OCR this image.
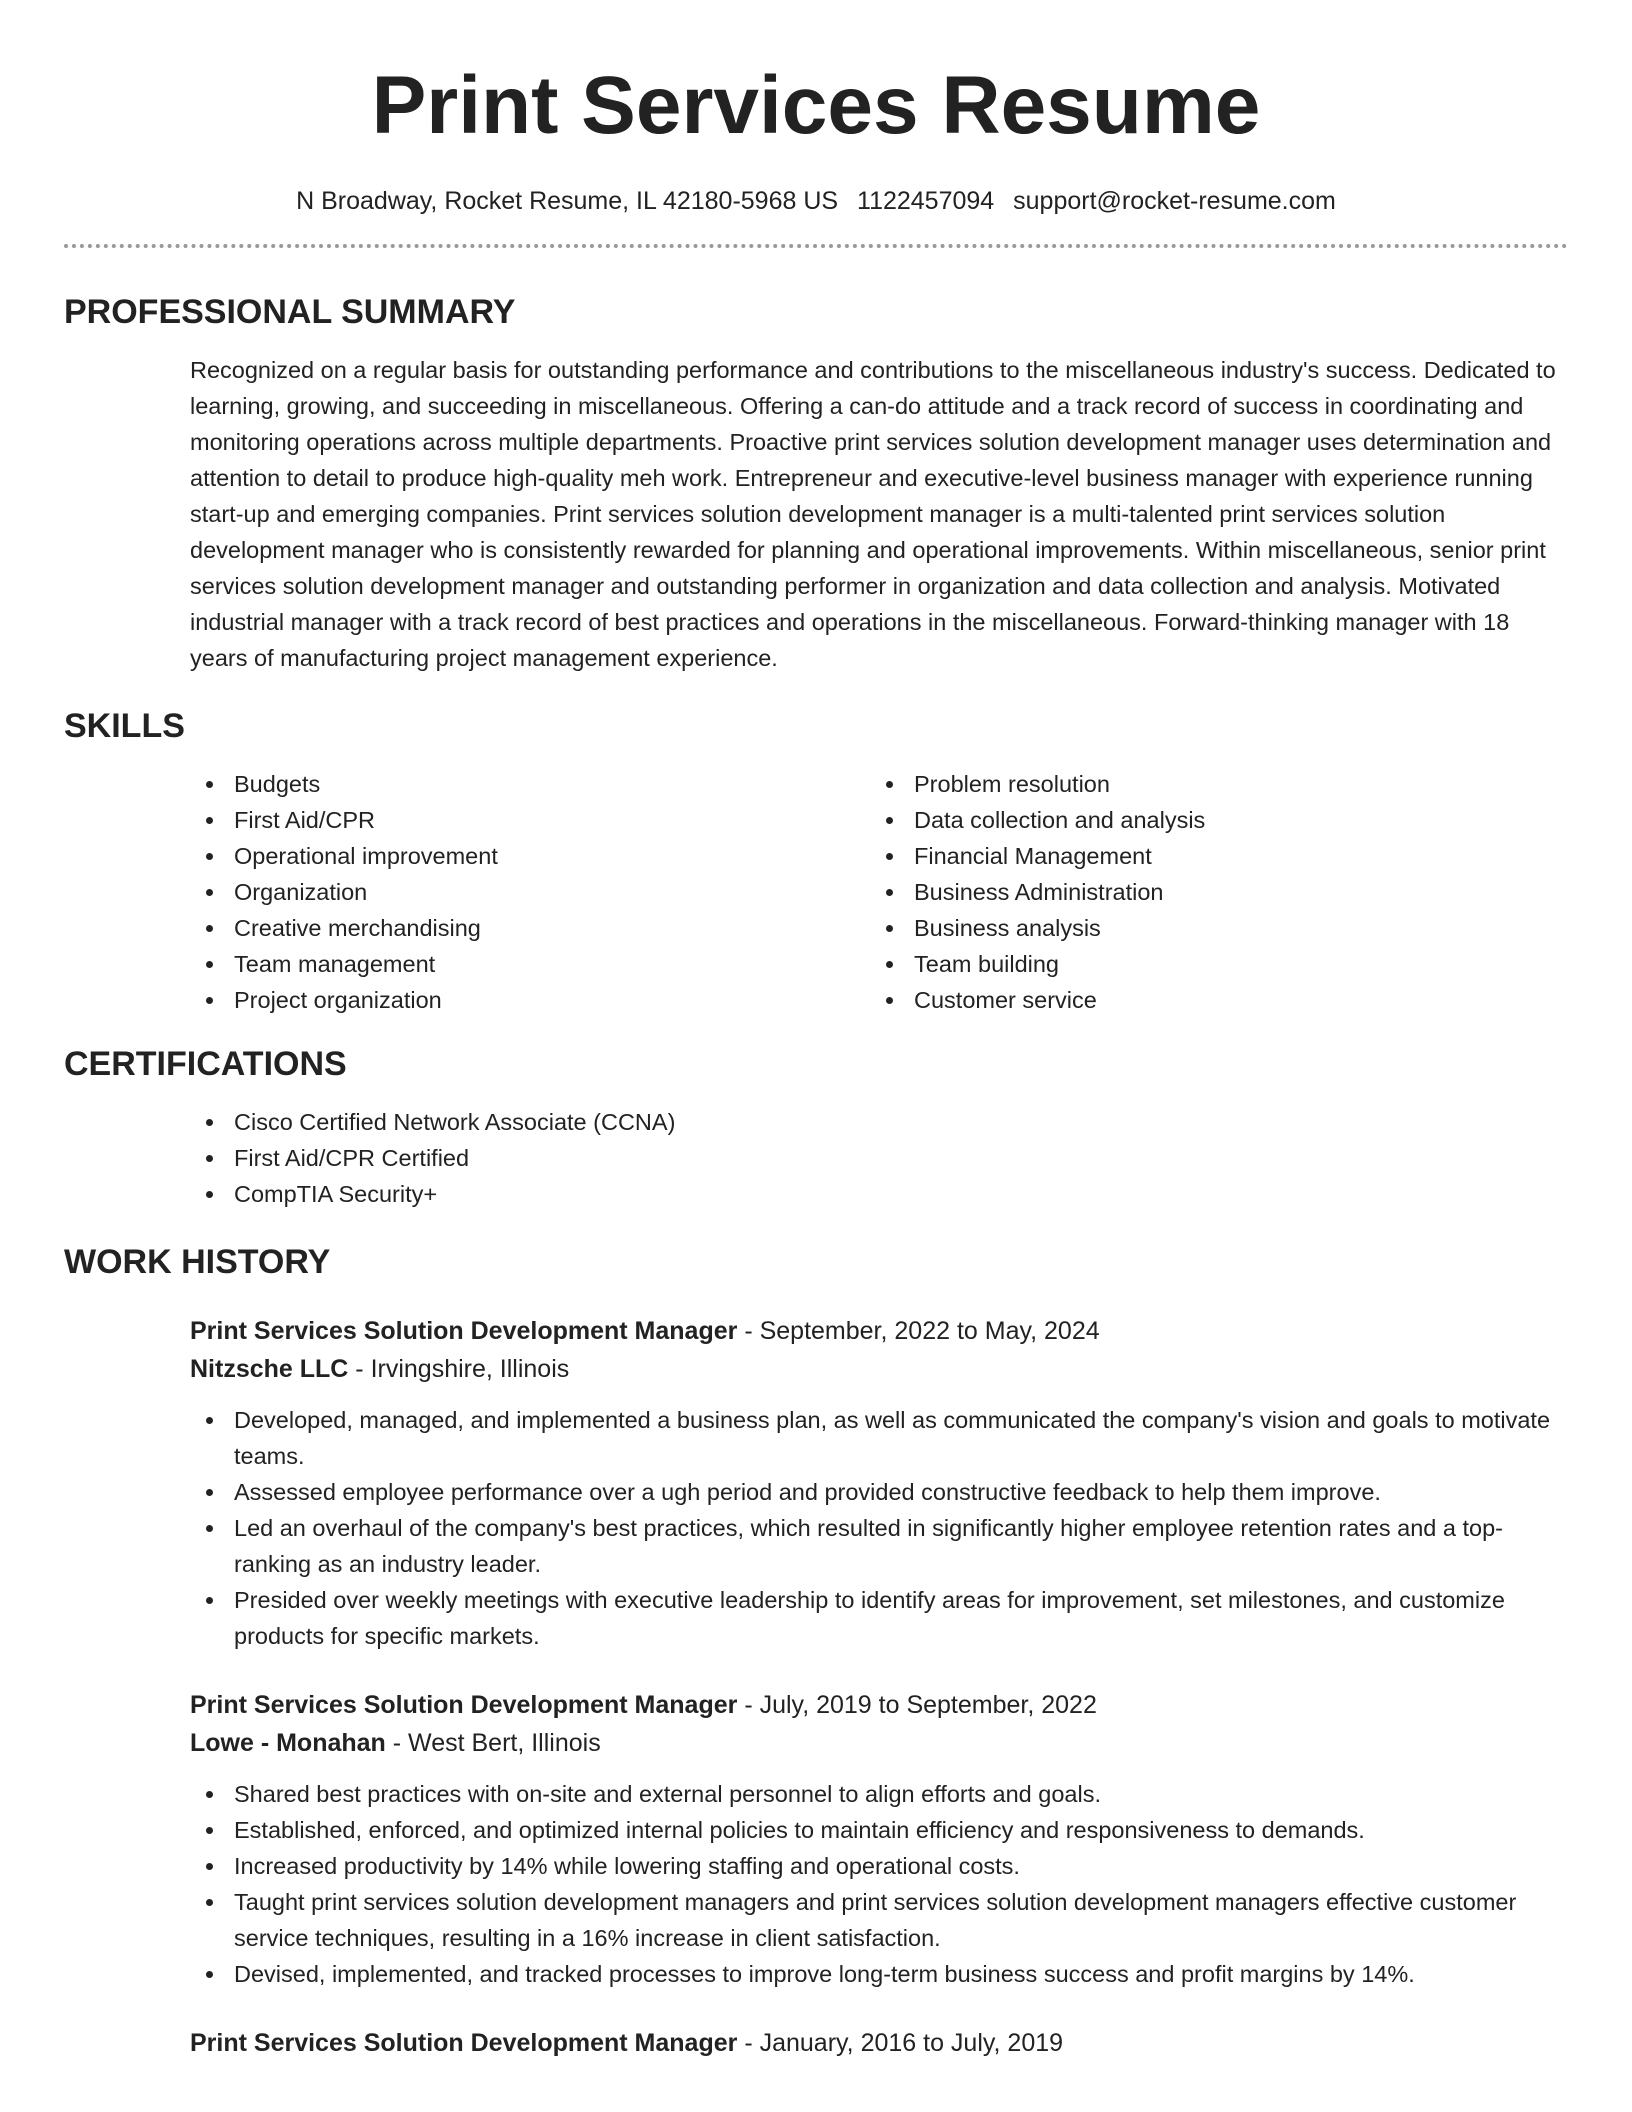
Print Services Resume
N Broadway, Rocket Resume, IL 42180-5968 US 1122457094 support@rocket-resume.com
PROFESSIONAL SUMMARY

Recognized on a regular basis for outstanding performance and contributions to the miscellaneous industry's success. Dedicated to learning, growing, and succeeding in miscellaneous. Offering a can-do attitude and a track record of success in coordinating and monitoring operations across multiple departments. Proactive print services solution development manager uses determination and attention to detail to produce high-quality meh work. Entrepreneur and executive-level business manager with experience running start-up and emerging companies. Print services solution development manager is a multi-talented print services solution development manager who is consistently rewarded for planning and operational improvements. Within miscellaneous, senior print services solution development manager and outstanding performer in organization and data collection and analysis. Motivated industrial manager with a track record of best practices and operations in the miscellaneous. Forward-thinking manager with 18 years of manufacturing project management experience.

SKILLS
Budgets
First Aid/CPR
Operational improvement
Organization
Creative merchandising
Team management
Project organization
Problem resolution
Data collection and analysis
Financial Management
Business Administration
Business analysis
Team building
Customer service
CERTIFICATIONS
Cisco Certified Network Associate (CCNA)
First Aid/CPR Certified
CompTIA Security+
WORK HISTORY
Print Services Solution Development Manager - September, 2022 to May, 2024
Nitzsche LLC - Irvingshire, Illinois
Developed, managed, and implemented a business plan, as well as communicated the company's vision and goals to motivate teams.
Assessed employee performance over a ugh period and provided constructive feedback to help them improve.
Led an overhaul of the company's best practices, which resulted in significantly higher employee retention rates and a top-ranking as an industry leader.
Presided over weekly meetings with executive leadership to identify areas for improvement, set milestones, and customize products for specific markets.
Print Services Solution Development Manager - July, 2019 to September, 2022
Lowe - Monahan - West Bert, Illinois
Shared best practices with on-site and external personnel to align efforts and goals.
Established, enforced, and optimized internal policies to maintain efficiency and responsiveness to demands.
Increased productivity by 14% while lowering staffing and operational costs.
Taught print services solution development managers and print services solution development managers effective customer service techniques, resulting in a 16% increase in client satisfaction.
Devised, implemented, and tracked processes to improve long-term business success and profit margins by 14%.
Print Services Solution Development Manager - January, 2016 to July, 2019
